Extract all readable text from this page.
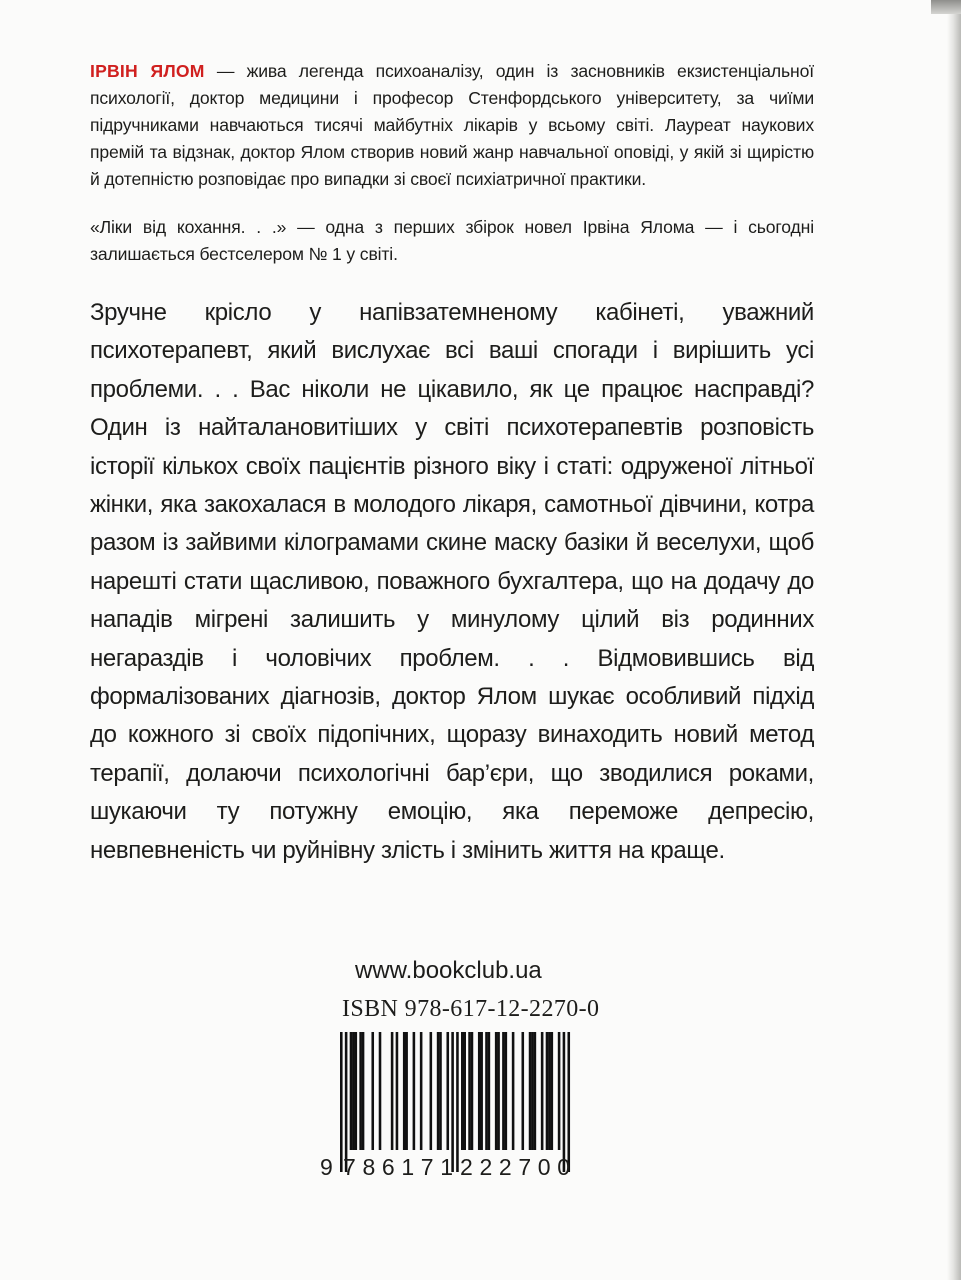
ІРВІН ЯЛОМ — жива легенда психоаналізу, один із засновників екзистенціальної психології, доктор медицини і професор Стенфордського університету, за чиїми підручниками навчаються тисячі майбутніх лікарів у всьому світі. Лауреат наукових премій та відзнак, доктор Ялом створив новий жанр навчальної оповіді, у якій зі щирістю й дотепністю розповідає про випадки зі своєї психіатричної практики.

«Ліки від кохання. . .» — одна з перших збірок новел Ірвіна Ялома — і сьогодні залишається бестселером № 1 у світі.

Зручне крісло у напівзатемненому кабінеті, уважний психотерапевт, який вислухає всі ваші спогади і вирішить усі проблеми. . . Вас ніколи не цікавило, як це працює насправді? Один із найталановитіших у світі психотерапевтів розповість історії кількох своїх пацієнтів різного віку і статі: одруженої літньої жінки, яка закохалася в молодого лікаря, самотньої дівчини, котра разом із зайвими кілограмами скине маску базіки й веселухи, щоб нарешті стати щасливою, поважного бухгалтера, що на додачу до нападів мігрені залишить у минулому цілий віз родинних негараздів і чоловічих проблем. . . Відмовившись від формалізованих діагнозів, доктор Ялом шукає особливий підхід до кожного зі своїх підопічних, щоразу винаходить новий метод терапії, долаючи психологічні бар’єри, що зводилися роками, шукаючи ту потужну емоцію, яка переможе депресію, невпевненість чи руйнівну злість і змінить життя на краще.

www.bookclub.ua
ISBN 978-617-12-2270-0
9 786171 222700
